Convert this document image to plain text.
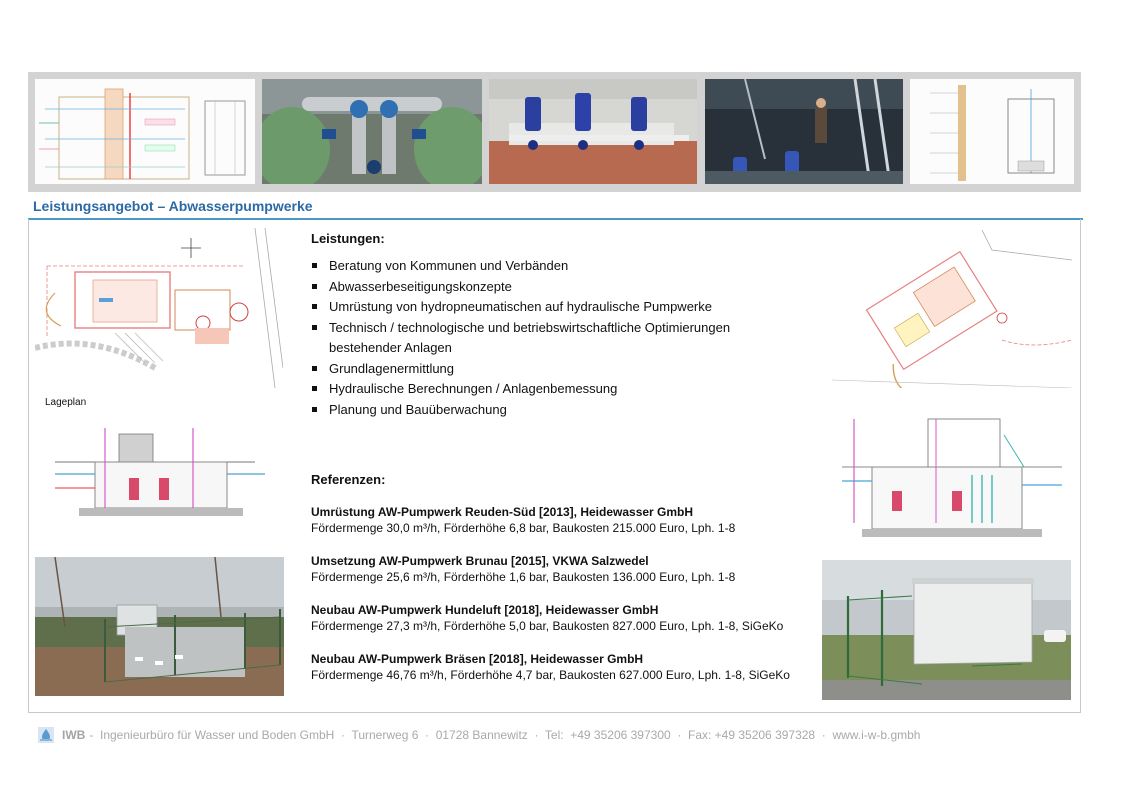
Leistungsangebot – Abwasserpumpwerke
Lageplan
Leistungen:
Beratung von Kommunen und Verbänden
Abwasserbeseitigungskonzepte
Umrüstung von hydropneumatischen auf hydraulische Pumpwerke
Technisch / technologische und betriebswirtschaftliche Optimierungen bestehender Anlagen
Grundlagenermittlung
Hydraulische Berechnungen / Anlagenbemessung
Planung und Bauüberwachung
Referenzen:
Umrüstung AW-Pumpwerk Reuden-Süd [2013], Heidewasser GmbH
Fördermenge 30,0 m³/h, Förderhöhe 6,8 bar, Baukosten 215.000 Euro, Lph. 1-8
Umsetzung AW-Pumpwerk Brunau [2015], VKWA Salzwedel
Fördermenge 25,6 m³/h, Förderhöhe 1,6 bar, Baukosten 136.000 Euro, Lph. 1-8
Neubau AW-Pumpwerk Hundeluft [2018], Heidewasser GmbH
Fördermenge 27,3 m³/h, Förderhöhe 5,0 bar, Baukosten 827.000 Euro, Lph. 1-8, SiGeKo
Neubau AW-Pumpwerk Bräsen [2018], Heidewasser GmbH
Fördermenge 46,76 m³/h, Förderhöhe 4,7 bar, Baukosten 627.000 Euro, Lph. 1-8, SiGeKo
IWB -  Ingenieurbüro für Wasser und Boden GmbH  ·  Turnerweg 6  ·  01728 Bannewitz  ·  Tel:  +49 35206 397300  ·  Fax: +49 35206 397328  ·  www.i-w-b.gmbh
